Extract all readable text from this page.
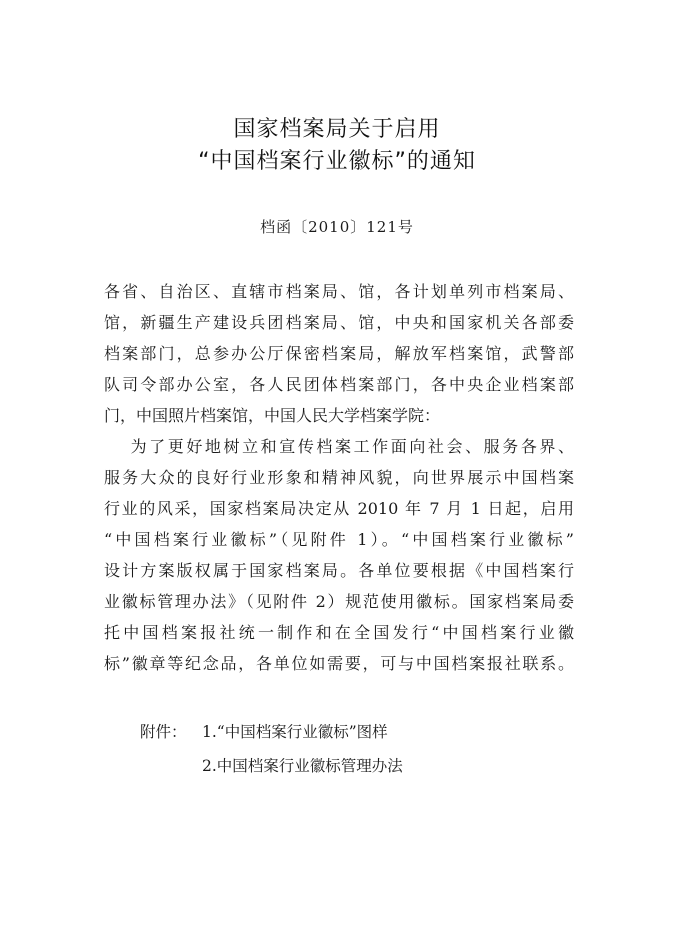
国家档案局关于启用
“中国档案行业徽标”的通知
档函〔2010〕121号
各省、自治区、直辖市档案局、馆，各计划单列市档案局、
馆，新疆生产建设兵团档案局、馆，中央和国家机关各部委
档案部门，总参办公厅保密档案局，解放军档案馆，武警部
队司令部办公室，各人民团体档案部门，各中央企业档案部
门，中国照片档案馆，中国人民大学档案学院：
　为了更好地树立和宣传档案工作面向社会、服务各界、
服务大众的良好行业形象和精神风貌，向世界展示中国档案
行业的风采，国家档案局决定从 2010 年 7 月 1 日起，启用
“中国档案行业徽标”（见附件 1）。“中国档案行业徽标”
设计方案版权属于国家档案局。各单位要根据《中国档案行
业徽标管理办法》（见附件 2）规范使用徽标。国家档案局委
托中国档案报社统一制作和在全国发行“中国档案行业徽
标”徽章等纪念品，各单位如需要，可与中国档案报社联系。
附件： 1.“中国档案行业徽标”图样
2.中国档案行业徽标管理办法
